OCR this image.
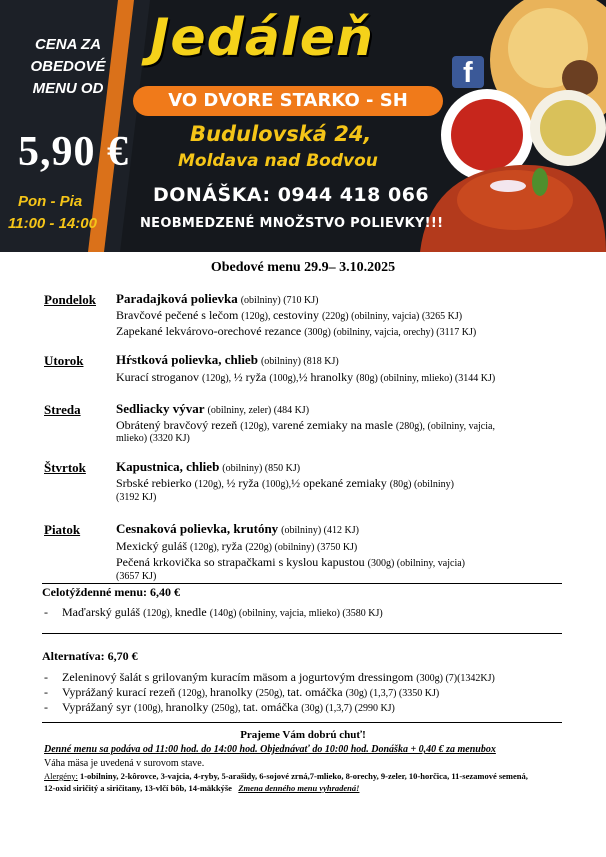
CENA ZA
OBEDOVÉ
MENU OD
5,90 €
Pon - Pia
11:00 - 14:00
Jedáleň
f
VO DVORE STARKO - SH
Budulovská 24,
Moldava nad Bodvou
DONÁŠKA: 0944 418 066
NEOBMEDZENÉ MNOŽSTVO POLIEVKY!!!
Obedové menu 29.9– 3.10.2025
Pondelok Paradajková polievka (obilniny) (710 KJ)
Bravčové pečené s lečom (120g), cestoviny (220g) (obilniny, vajcia) (3265 KJ)
Zapekané lekvárovo-orechové rezance (300g) (obilniny, vajcia, orechy) (3117 KJ)
Utorok	Hŕstková polievka, chlieb (obilniny) (818 KJ)
Kurací stroganov (120g), ½ ryža (100g),½ hranolky (80g) (obilniny, mlieko) (3144 KJ)
Streda	Sedliacky vývar (obilniny, zeler) (484 KJ)
Obrátený bravčový rezeň (120g), varené zemiaky na masle (280g), (obilniny, vajcia,
mlieko) (3320 KJ)
Štvrtok Kapustnica, chlieb (obilniny) (850 KJ)
Srbské rebierko (120g), ½ ryža (100g),½ opekané zemiaky (80g) (obilniny)
(3192 KJ)
Piatok	Cesnaková polievka, krutóny (obilniny) (412 KJ)
Mexický guláš (120g), ryža (220g) (obilniny) (3750 KJ)
Pečená krkovička so strapačkami s kyslou kapustou (300g) (obilniny, vajcia)
(3657 KJ)
Celotýždenné menu: 6,40 €
- Maďarský guláš (120g), knedle (140g) (obilniny, vajcia, mlieko) (3580 KJ)
Alternatíva: 6,70 €
- Zeleninový šalát s grilovaným kuracím mäsom a jogurtovým dressingom (300g) (7)(1342KJ)
- Vyprážaný kurací rezeň (120g), hranolky (250g), tat. omáčka (30g) (1,3,7) (3350 KJ)
- Vyprážaný syr (100g), hranolky (250g), tat. omáčka (30g) (1,3,7) (2990 KJ)
Prajeme Vám dobrú chuť!
Denné menu sa podáva od 11:00 hod. do 14:00 hod. Objednávať do 10:00 hod. Donáška + 0,40 € za menubox
Váha mäsa je uvedená v surovom stave.
Alergény: 1-obilniny, 2-kôrovce, 3-vajcia, 4-ryby, 5-arašidy, 6-sojové zrná,7-mlieko, 8-orechy, 9-zeler, 10-horčica, 11-sezamové semená,
12-oxid siričitý a siričitany, 13-vlčí bôb, 14-mäkkýše Zmena denného menu vyhradená!
